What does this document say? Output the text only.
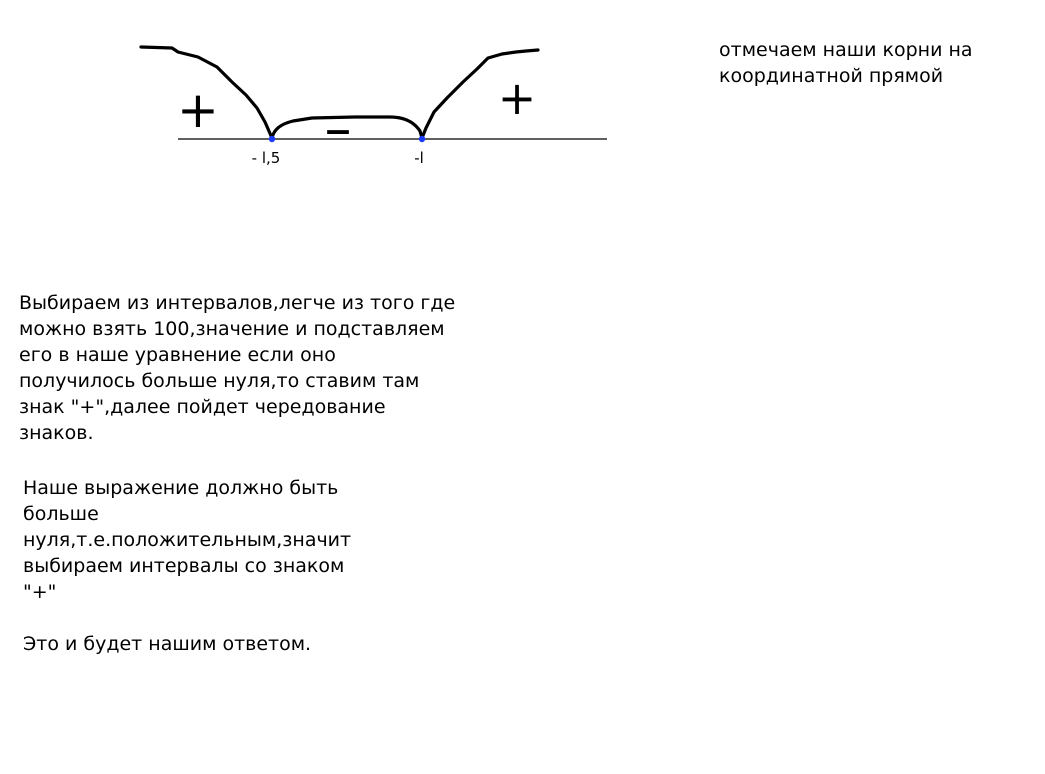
+ –	+
- l,5	-l
отмечаем наши корни на
координатной прямой
Выбираем из интервалов,легче из того где
можно взять 100,значение и подставляем
его в наше уравнение если оно
получилось больше нуля,то ставим там
знак "+",далее пойдет чередование
знаков.
Наше выражение должно быть
больше
нуля,т.е.положительным,значит
выбираем интервалы со знаком
"+"
Это и будет нашим ответом.
